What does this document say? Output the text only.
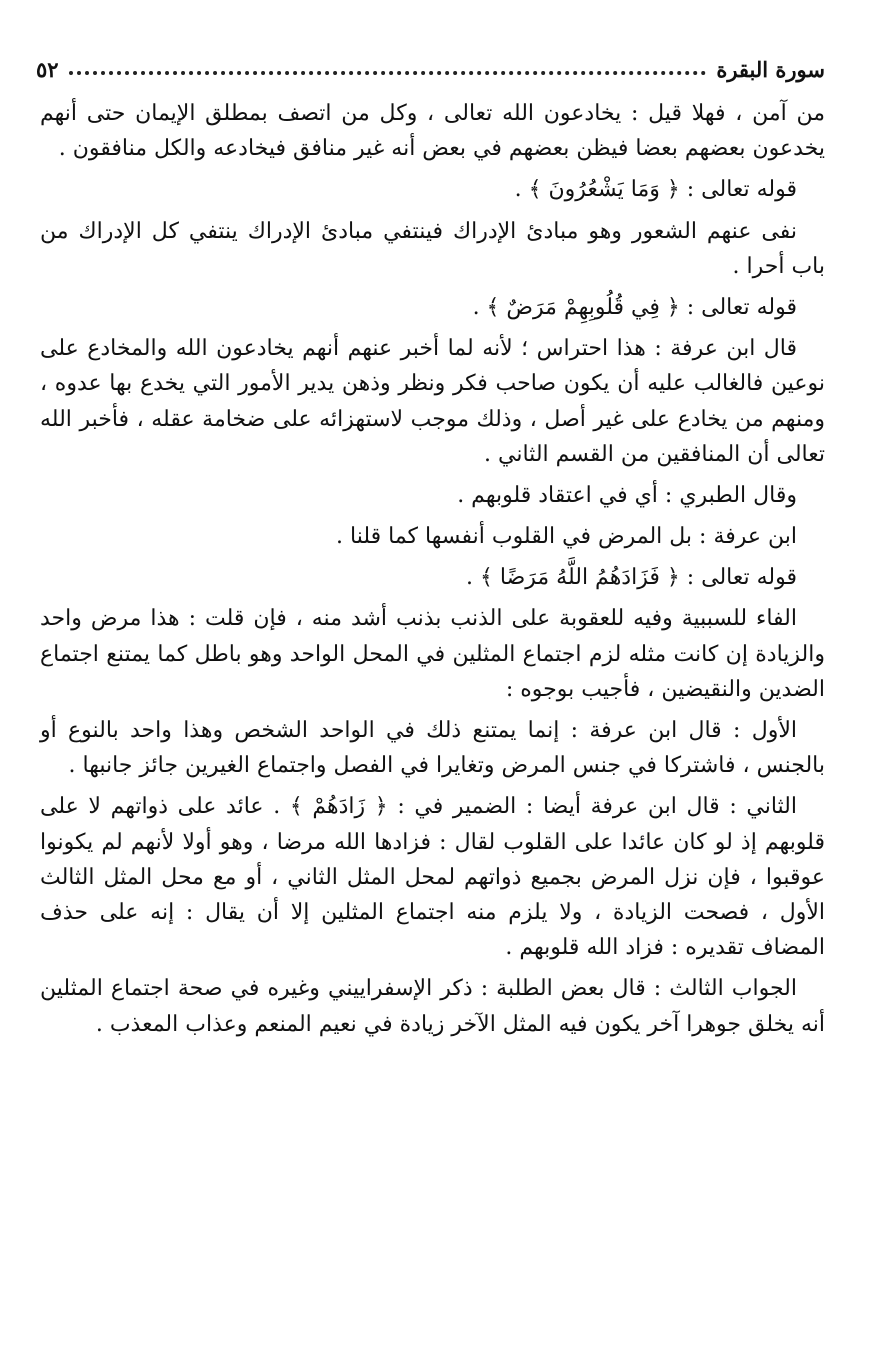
سورة البقرة
٥٢

من آمن ، فهلا قيل : يخادعون الله تعالى ، وكل من اتصف بمطلق الإيمان حتى أنهم يخدعون بعضهم بعضا فيظن بعضهم في بعض أنه غير منافق فيخادعه والكل منافقون .

قوله تعالى : ﴿ وَمَا يَشْعُرُونَ ﴾ .

نفى عنهم الشعور وهو مبادئ الإدراك فينتفي مبادئ الإدراك ينتفي كل الإدراك من باب أحرا .

قوله تعالى : ﴿ فِي قُلُوبِهِمْ مَرَضٌ ﴾ .

قال ابن عرفة : هذا احتراس ؛ لأنه لما أخبر عنهم أنهم يخادعون الله والمخادع على نوعين فالغالب عليه أن يكون صاحب فكر ونظر وذهن يدير الأمور التي يخدع بها عدوه ، ومنهم من يخادع على غير أصل ، وذلك موجب لاستهزائه على ضخامة عقله ، فأخبر الله تعالى أن المنافقين من القسم الثاني .

وقال الطبري : أي في اعتقاد قلوبهم .

ابن عرفة : بل المرض في القلوب أنفسها كما قلنا .

قوله تعالى : ﴿ فَزَادَهُمُ اللَّهُ مَرَضًا ﴾ .

الفاء للسببية وفيه للعقوبة على الذنب بذنب أشد منه ، فإن قلت : هذا مرض واحد والزيادة إن كانت مثله لزم اجتماع المثلين في المحل الواحد وهو باطل كما يمتنع اجتماع الضدين والنقيضين ، فأجيب بوجوه :

الأول : قال ابن عرفة : إنما يمتنع ذلك في الواحد الشخص وهذا واحد بالنوع أو بالجنس ، فاشتركا في جنس المرض وتغايرا في الفصل واجتماع الغيرين جائز جانبها .

الثاني : قال ابن عرفة أيضا : الضمير في : ﴿ زَادَهُمْ ﴾ . عائد على ذواتهم لا على قلوبهم إذ لو كان عائدا على القلوب لقال : فزادها الله مرضا ، وهو أولا لأنهم لم يكونوا عوقبوا ، فإن نزل المرض بجميع ذواتهم لمحل المثل الثاني ، أو مع محل المثل الثالث الأول ، فصحت الزيادة ، ولا يلزم منه اجتماع المثلين إلا أن يقال : إنه على حذف المضاف تقديره : فزاد الله قلوبهم .

الجواب الثالث : قال بعض الطلبة : ذكر الإسفراييني وغيره في صحة اجتماع المثلين أنه يخلق جوهرا آخر يكون فيه المثل الآخر زيادة في نعيم المنعم وعذاب المعذب .
